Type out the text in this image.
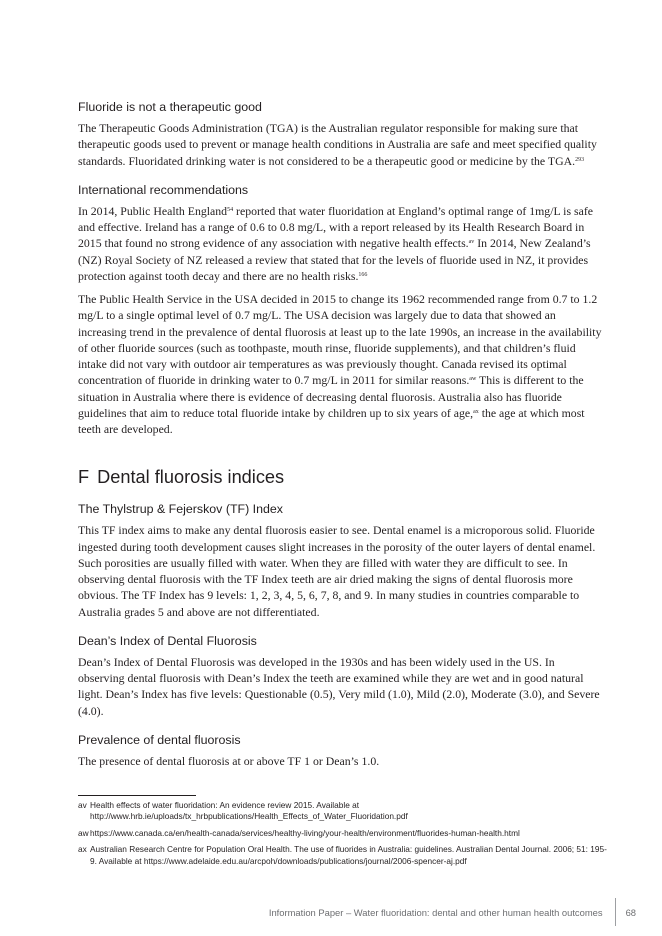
Fluoride is not a therapeutic good

The Therapeutic Goods Administration (TGA) is the Australian regulator responsible for making sure that therapeutic goods used to prevent or manage health conditions in Australia are safe and meet specified quality standards. Fluoridated drinking water is not considered to be a therapeutic good or medicine by the TGA.$^{293}$

International recommendations

In 2014, Public Health England$^{54}$ reported that water fluoridation at England’s optimal range of 1mg/L is safe and effective. Ireland has a range of 0.6 to 0.8 mg/L, with a report released by its Health Research Board in 2015 that found no strong evidence of any association with negative health effects.$^{av}$ In 2014, New Zealand’s (NZ) Royal Society of NZ released a review that stated that for the levels of fluoride used in NZ, it provides protection against tooth decay and there are no health risks.$^{166}$

The Public Health Service in the USA decided in 2015 to change its 1962 recommended range from 0.7 to 1.2 mg/L to a single optimal level of 0.7 mg/L. The USA decision was largely due to data that showed an increasing trend in the prevalence of dental fluorosis at least up to the late 1990s, an increase in the availability of other fluoride sources (such as toothpaste, mouth rinse, fluoride supplements), and that children’s fluid intake did not vary with outdoor air temperatures as was previously thought. Canada revised its optimal concentration of fluoride in drinking water to 0.7 mg/L in 2011 for similar reasons.$^{aw}$ This is different to the situation in Australia where there is evidence of decreasing dental fluorosis. Australia also has fluoride guidelines that aim to reduce total fluoride intake by children up to six years of age,$^{ax}$ the age at which most teeth are developed.

F Dental fluorosis indices
The Thylstrup & Fejerskov (TF) Index

This TF index aims to make any dental fluorosis easier to see. Dental enamel is a microporous solid. Fluoride ingested during tooth development causes slight increases in the porosity of the outer layers of dental enamel. Such porosities are usually filled with water. When they are filled with water they are difficult to see. In observing dental fluorosis with the TF Index teeth are air dried making the signs of dental fluorosis more obvious. The TF Index has 9 levels: 1, 2, 3, 4, 5, 6, 7, 8, and 9. In many studies in countries comparable to Australia grades 5 and above are not differentiated.

Dean’s Index of Dental Fluorosis

Dean’s Index of Dental Fluorosis was developed in the 1930s and has been widely used in the US. In observing dental fluorosis with Dean’s Index the teeth are examined while they are wet and in good natural light. Dean’s Index has five levels: Questionable (0.5), Very mild (1.0), Mild (2.0), Moderate (3.0), and Severe (4.0).

Prevalence of dental fluorosis

The presence of dental fluorosis at or above TF 1 or Dean’s 1.0.

av Health effects of water fluoridation: An evidence review 2015. Available at http://www.hrb.ie/uploads/tx_hrbpublications/Health_Effects_of_Water_Fluoridation.pdf
aw https://www.canada.ca/en/health-canada/services/healthy-living/your-health/environment/fluorides-human-health.html
ax Australian Research Centre for Population Oral Health. The use of fluorides in Australia: guidelines. Australian Dental Journal. 2006; 51: 195-9. Available at https://www.adelaide.edu.au/arcpoh/downloads/publications/journal/2006-spencer-aj.pdf
Information Paper – Water fluoridation: dental and other human health outcomes 68
